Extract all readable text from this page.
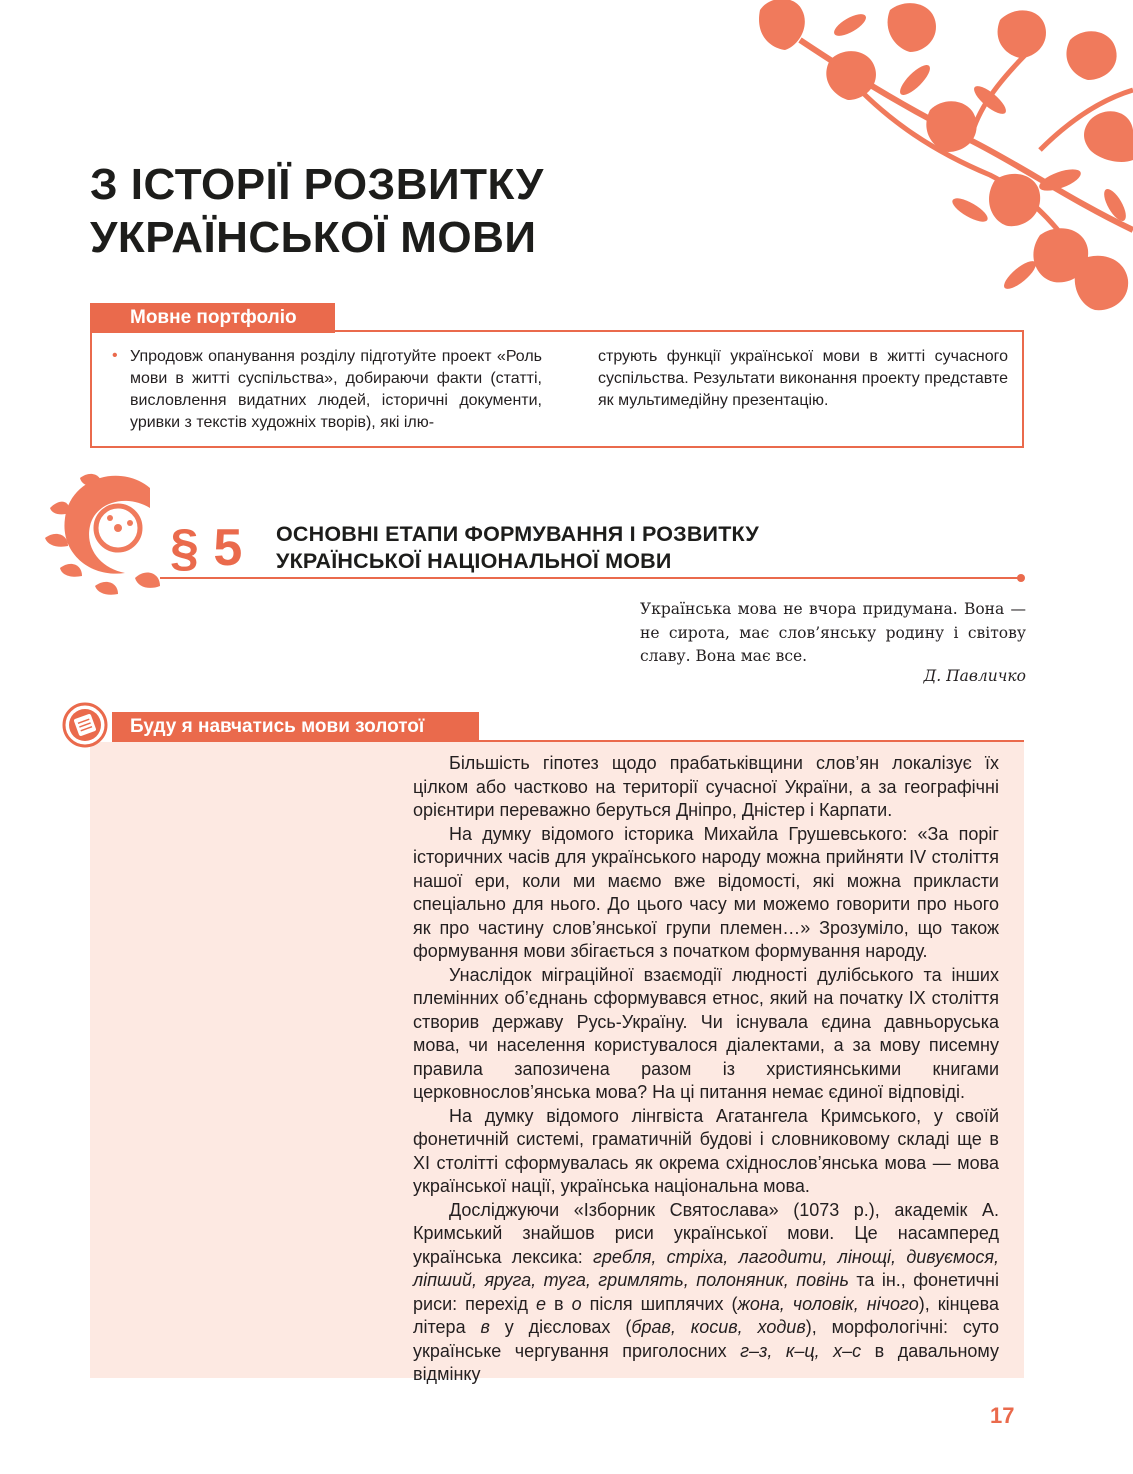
З ІСТОРІЇ РОЗВИТКУ
УКРАЇНСЬКОЇ МОВИ
Мовне портфоліо
• Упродовж опанування розділу підготуйте проект «Роль мови в житті суспільства», добираючи факти (статті, висловлення видатних людей, історичні документи, уривки з текстів художніх творів), які ілю-

струють функції української мови в житті сучасного суспільства. Результати виконання проекту представте як мультимедійну презентацію.

§ 5 ОСНОВНІ ЕТАПИ ФОРМУВАННЯ І РОЗВИТКУ
УКРАЇНСЬКОЇ НАЦІОНАЛЬНОЇ МОВИ

Українська мова не вчора придумана. Вона — не сирота, має слов’янську родину і світову славу. Вона має все.

Д. Павличко

Буду я навчатись мови золотої

Більшість гіпотез щодо прабатьківщини слов’ян локалізує їх цілком або частково на території сучасної України, а за географічні орієнтири переважно беруться Дніпро, Дністер і Карпати.

На думку відомого історика Михайла Грушевського: «За поріг історичних часів для українського народу можна прийняти IV століття нашої ери, коли ми маємо вже відомості, які можна прикласти спеціально для нього. До цього часу ми можемо говорити про нього як про частину слов’янської групи племен…» Зрозуміло, що також формування мови збігається з початком формування народу.

Унаслідок міграційної взаємодії людності дулібського та інших племінних об’єднань сформувався етнос, який на початку IX століття створив державу Русь-Україну. Чи існувала єдина давньоруська мова, чи населення користувалося діалектами, а за мову писемну правила запозичена разом із християнськими книгами церковнослов’янська мова? На ці питання немає єдиної відповіді.

На думку відомого лінгвіста Агатангела Кримського, у своїй фонетичній системі, граматичній будові і словниковому складі ще в XI столітті сформувалась як окрема східнослов’янська мова — мова української нації, українська національна мова.

Досліджуючи «Ізборник Святослава» (1073 р.), академік А. Кримський знайшов риси української мови. Це насамперед українська лексика: гребля, стріха, лагодити, лінощі, дивуємося, ліпший, яруга, туга, гримлять, полоняник, повінь та ін., фонетичні риси: перехід е в о після шиплячих (жона, чоловік, нічого), кінцева літера в у дієсловах (брав, косив, ходив), морфологічні: суто українське чергування приголосних г–з, к–ц, х–с в давальному відмінку

17
